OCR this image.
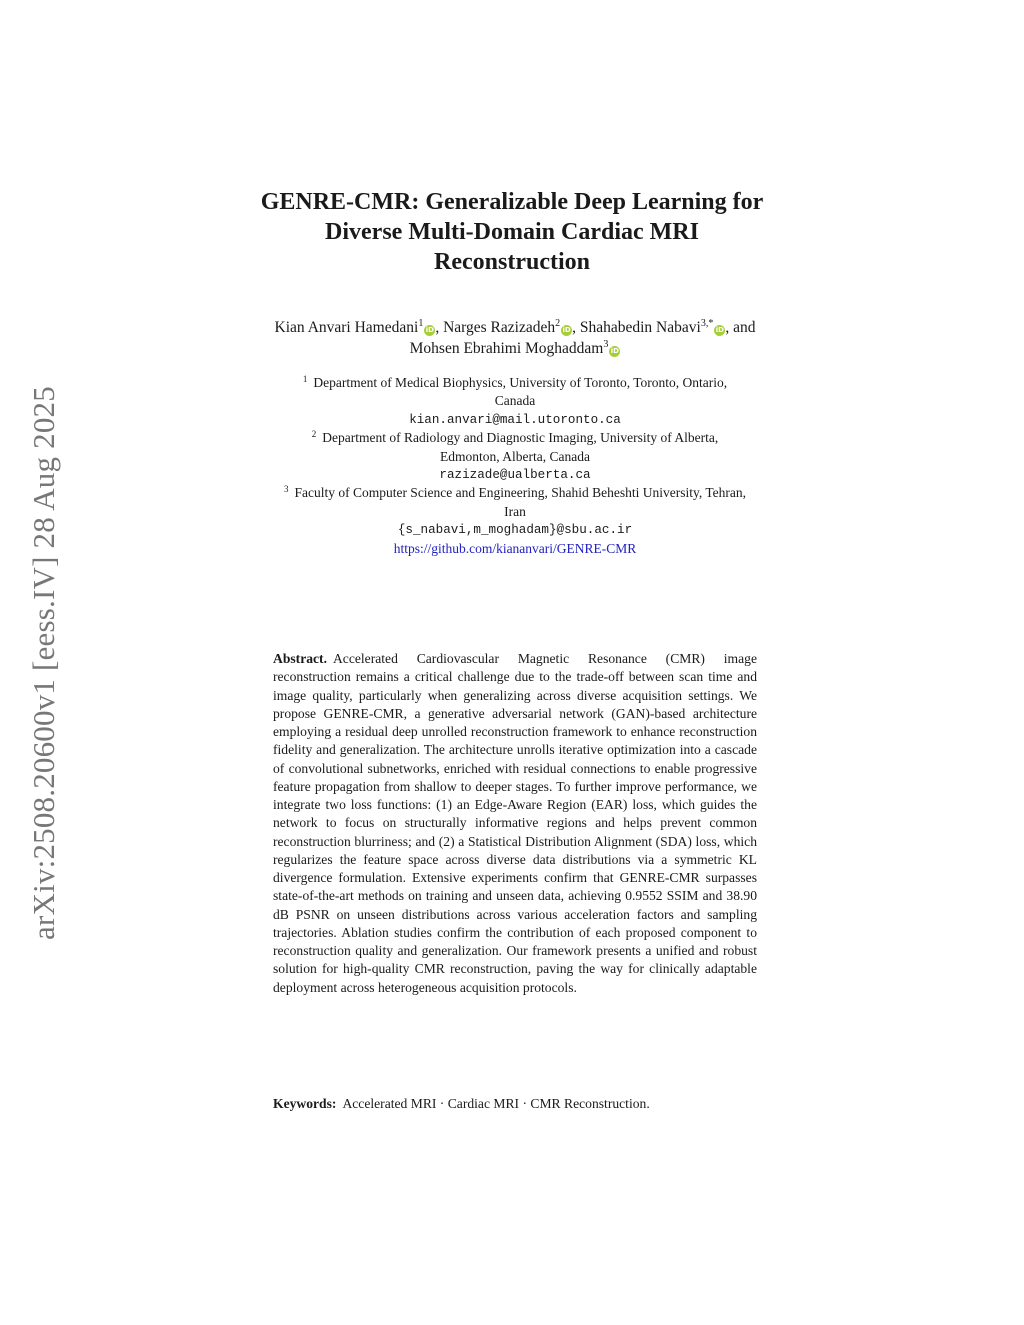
arXiv:2508.20600v1 [eess.IV] 28 Aug 2025
GENRE-CMR: Generalizable Deep Learning for
Diverse Multi-Domain Cardiac MRI
Reconstruction

Kian Anvari Hamedani$^1$iD, Narges Razizadeh$^2$iD, Shahabedin Nabavi$^{3,*}$iD, and
Mohsen Ebrahimi Moghaddam$^3$iD

$^1$ Department of Medical Biophysics, University of Toronto, Toronto, Ontario,

Canada

kian.anvari@mail.utoronto.ca

$^2$ Department of Radiology and Diagnostic Imaging, University of Alberta,

Edmonton, Alberta, Canada

razizade@ualberta.ca

$^3$ Faculty of Computer Science and Engineering, Shahid Beheshti University, Tehran,

Iran

{s_nabavi,m_moghadam}@sbu.ac.ir

https://github.com/kiananvari/GENRE-CMR

Abstract. Accelerated Cardiovascular Magnetic Resonance (CMR) image reconstruction remains a critical challenge due to the trade-off between scan time and image quality, particularly when generalizing across diverse acquisition settings. We propose GENRE-CMR, a generative adversarial network (GAN)-based architecture employing a residual deep unrolled reconstruction framework to enhance reconstruction fidelity and generalization. The architecture unrolls iterative optimization into a cascade of convolutional subnetworks, enriched with residual connections to enable progressive feature propagation from shallow to deeper stages. To further improve performance, we integrate two loss functions: (1) an Edge-Aware Region (EAR) loss, which guides the network to focus on structurally informative regions and helps prevent common reconstruction blurriness; and (2) a Statistical Distribution Alignment (SDA) loss, which regularizes the feature space across diverse data distributions via a symmetric KL divergence formulation. Extensive experiments confirm that GENRE-CMR surpasses state-of-the-art methods on training and unseen data, achieving 0.9552 SSIM and 38.90 dB PSNR on unseen distributions across various acceleration factors and sampling trajectories. Ablation studies confirm the contribution of each proposed component to reconstruction quality and generalization. Our framework presents a unified and robust solution for high-quality CMR reconstruction, paving the way for clinically adaptable deployment across heterogeneous acquisition protocols.

Keywords: Accelerated MRI · Cardiac MRI · CMR Reconstruction.
